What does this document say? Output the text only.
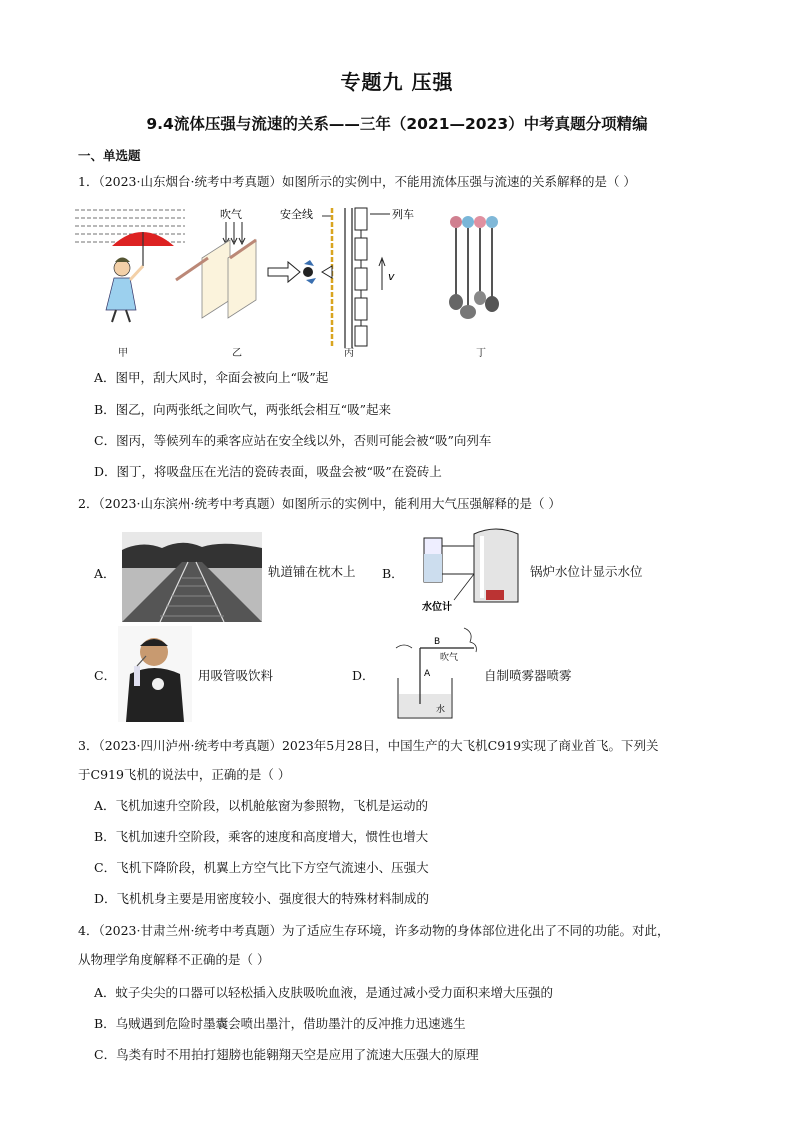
专题九 压强
9.4流体压强与流速的关系——三年（2021—2023）中考真题分项精编
一、单选题
1．（2023·山东烟台·统考中考真题）如图所示的实例中，不能用流体压强与流速的关系解释的是（ ）
吹气	安全线	列车
v
甲	乙	丙	丁
A．图甲，刮大风时，伞面会被向上“吸”起
B．图乙，向两张纸之间吹气，两张纸会相互“吸”起来
C．图丙，等候列车的乘客应站在安全线以外，否则可能会被“吸”向列车
D．图丁，将吸盘压在光洁的瓷砖表面，吸盘会被“吸”在瓷砖上
2．（2023·山东滨州·统考中考真题）如图所示的实例中，能利用大气压强解释的是（ ）
A．	轨道铺在枕木上 B．
水位计
锅炉水位计显示水位
C．	用吸管吸饮料	D．
B
A
吹气
水
自制喷雾器喷雾
3．（2023·四川泸州·统考中考真题）2023年5月28日，中国生产的大飞机C919实现了商业首飞。下列关
于C919飞机的说法中，正确的是（ ）
A．飞机加速升空阶段，以机舱舷窗为参照物，飞机是运动的
B．飞机加速升空阶段，乘客的速度和高度增大，惯性也增大
C．飞机下降阶段，机翼上方空气比下方空气流速小、压强大
D．飞机机身主要是用密度较小、强度很大的特殊材料制成的
4．（2023·甘肃兰州·统考中考真题）为了适应生存环境，许多动物的身体部位进化出了不同的功能。对此，
从物理学角度解释不正确的是（ ）
A．蚊子尖尖的口器可以轻松插入皮肤吸吮血液，是通过减小受力面积来增大压强的
B．乌贼遇到危险时墨囊会喷出墨汁，借助墨汁的反冲推力迅速逃生
C．鸟类有时不用拍打翅膀也能翱翔天空是应用了流速大压强大的原理
